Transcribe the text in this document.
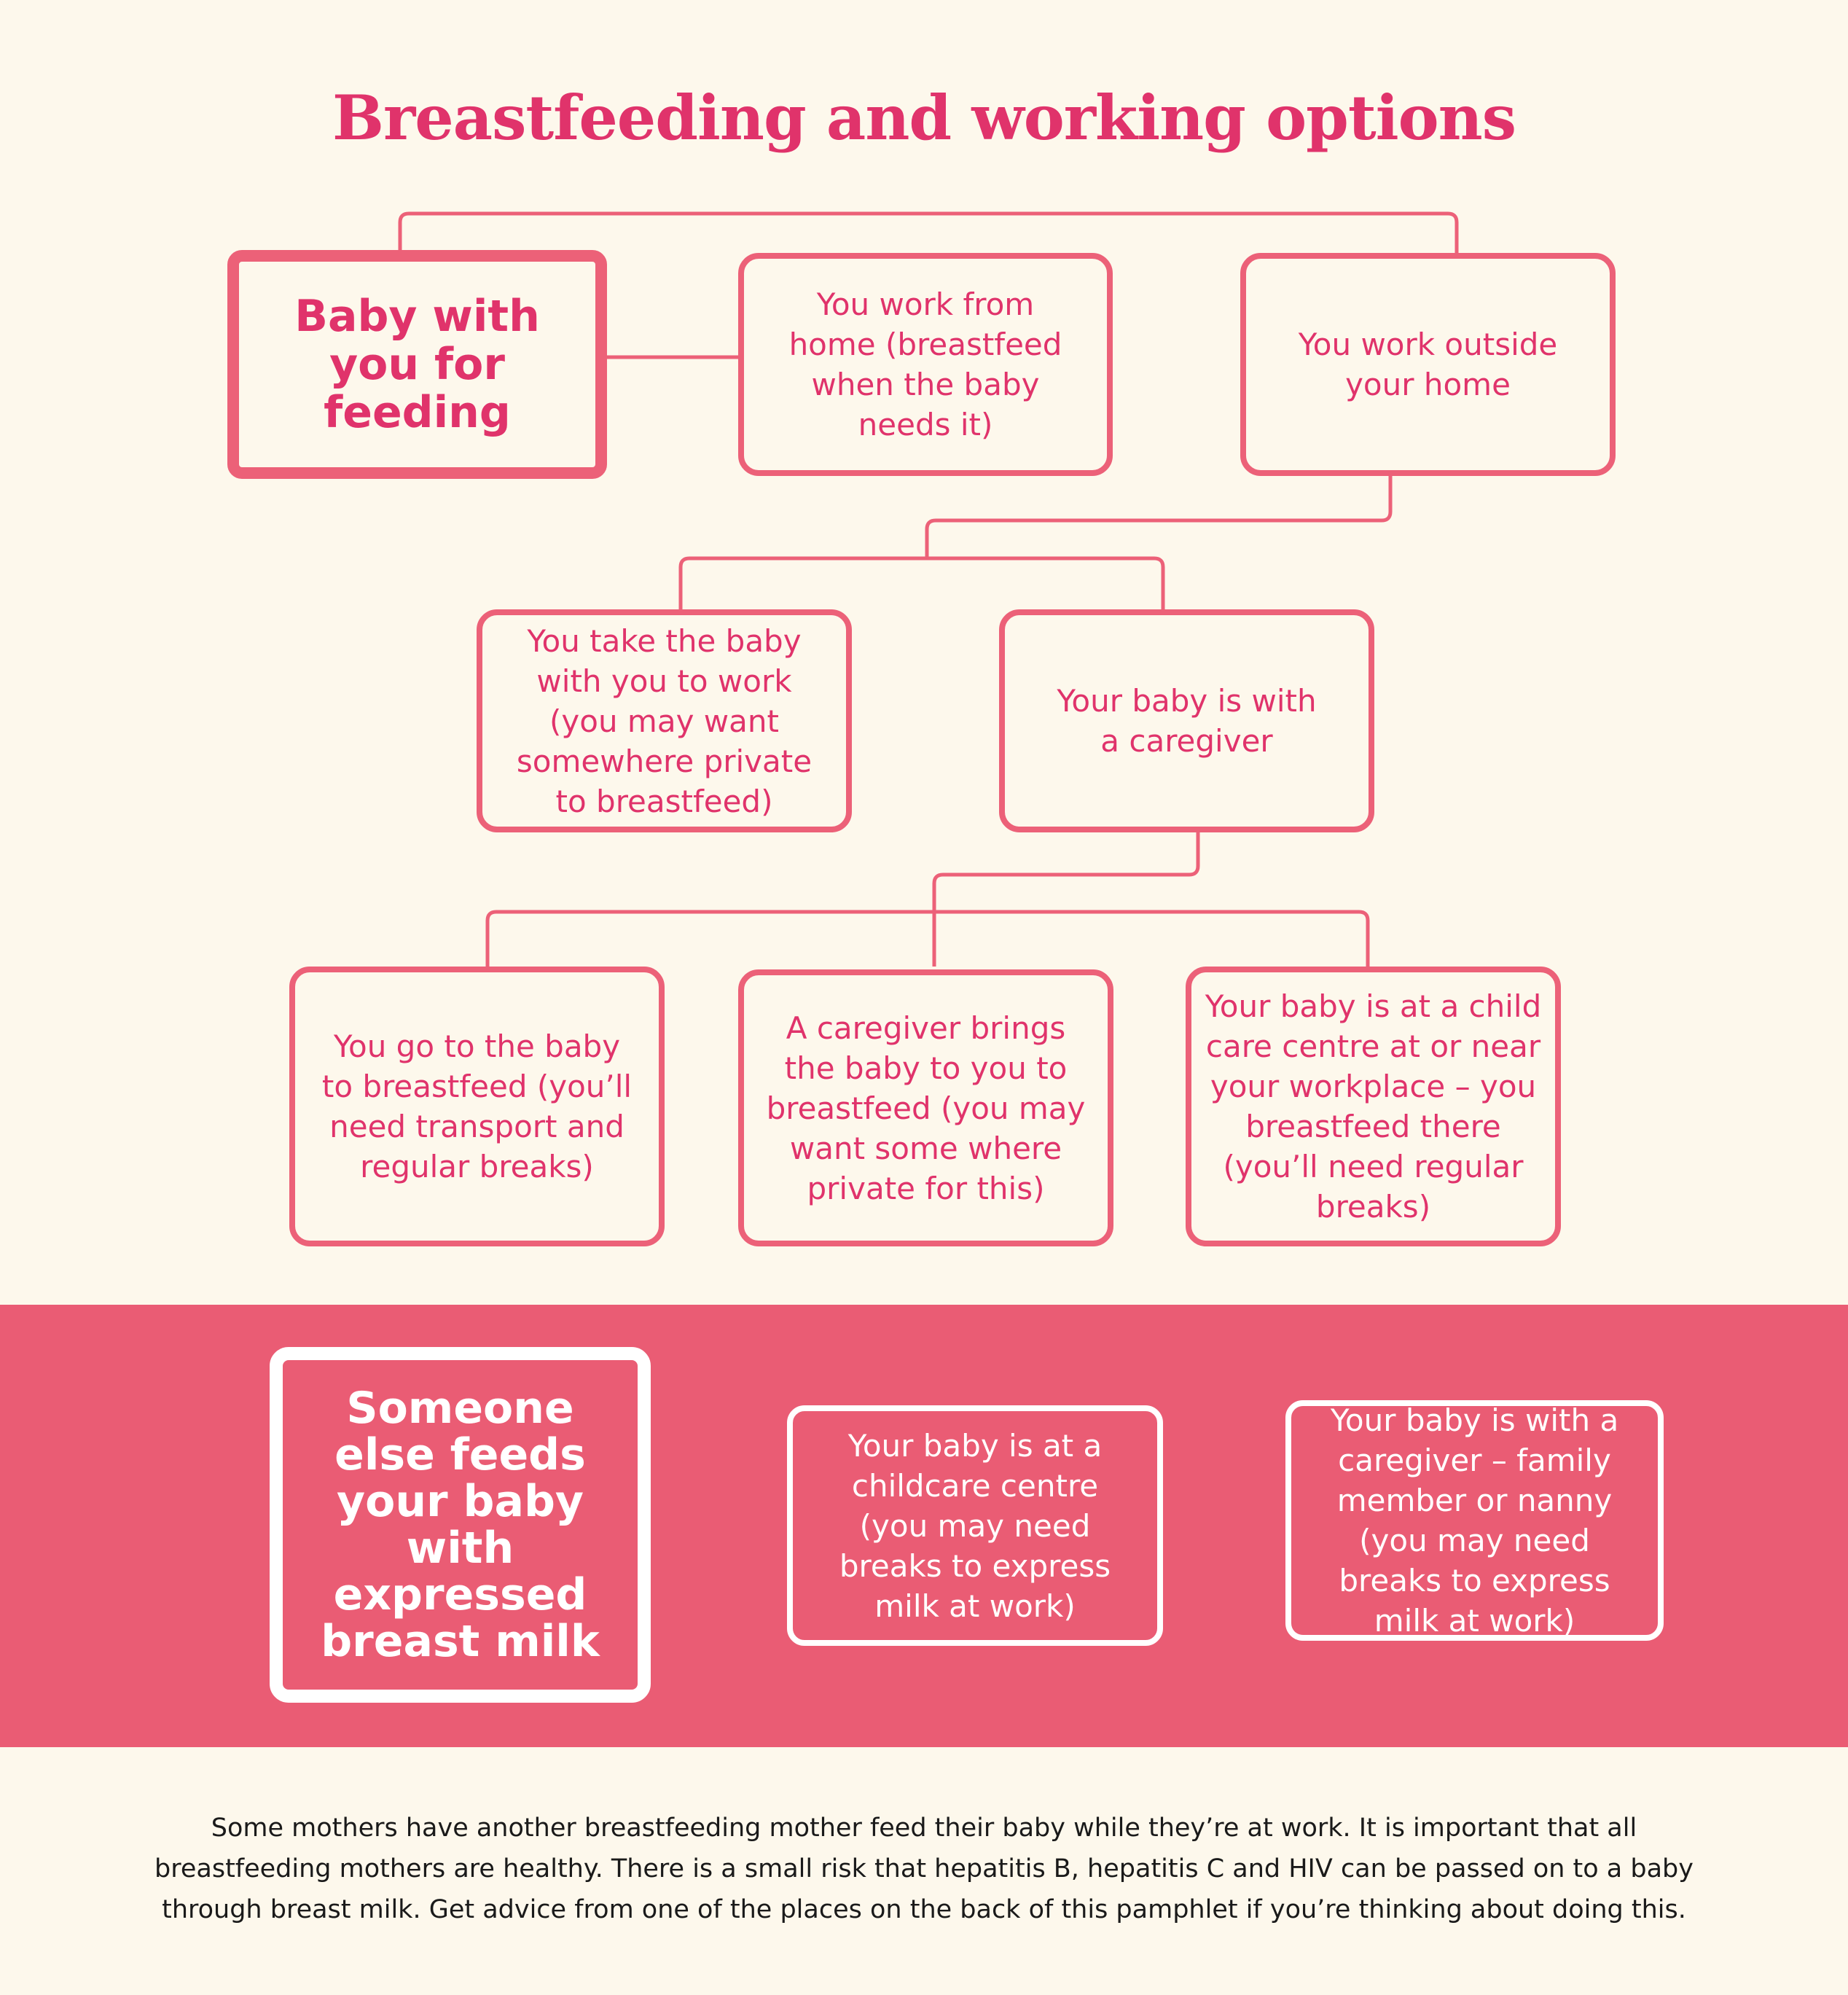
Breastfeeding and working options
Baby with you for feeding
You work from home (breastfeed when the baby needs it)
You work outside your home
You take the baby with you to work (you may want somewhere private to breastfeed)
Your baby is with a caregiver
You go to the baby to breastfeed (you’ll need transport and regular breaks)
A caregiver brings the baby to you to breastfeed (you may want some where private for this)
Your baby is at a child care centre at or near your workplace – you breastfeed there (you’ll need regular breaks)
Someone else feeds your baby with expressed breast milk
Your baby is at a childcare centre (you may need breaks to express milk at work)
Your baby is with a caregiver – family member or nanny (you may need breaks to express milk at work)
Some mothers have another breastfeeding mother feed their baby while they’re at work. It is important that all breastfeeding mothers are healthy. There is a small risk that hepatitis B, hepatitis C and HIV can be passed on to a baby through breast milk. Get advice from one of the places on the back of this pamphlet if you’re thinking about doing this.
